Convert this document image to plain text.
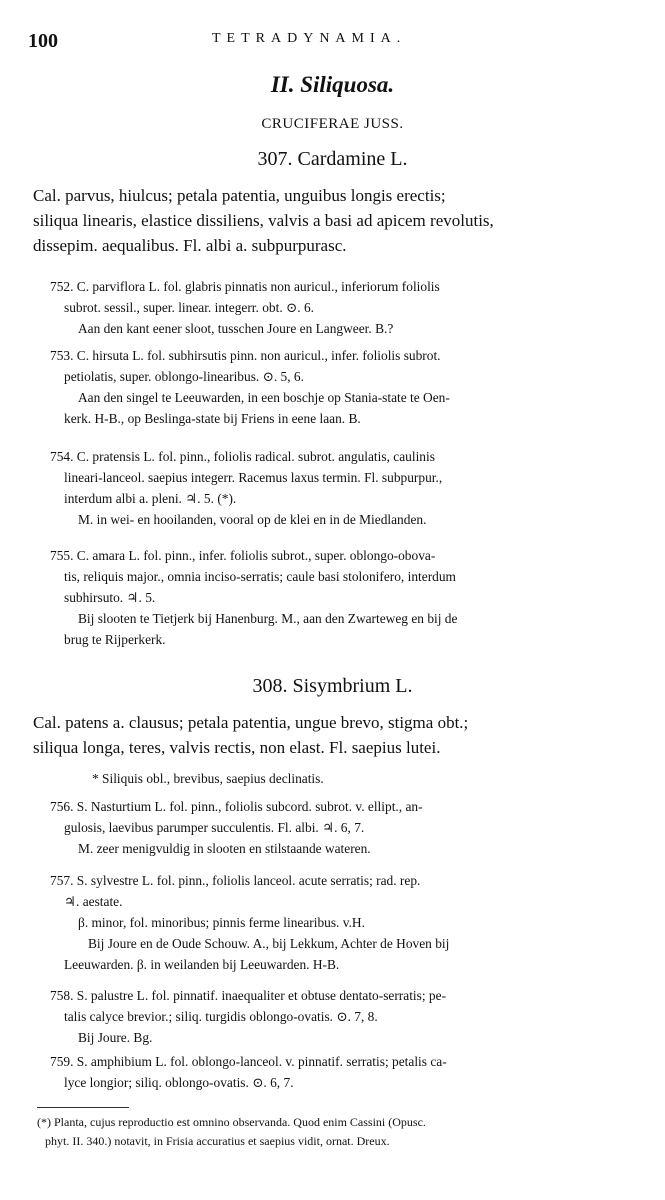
100	TETRADYNAMIA.
II. Siliquosa.
CRUCIFERAE JUSS.
307. Cardamine L.

Cal. parvus, hiulcus; petala patentia, unguibus longis erectis;

siliqua linearis, elastice dissiliens, valvis a basi ad apicem revolutis,

dissepim. aequalibus. Fl. albi a. subpurpurasc.

752. C. parviflora L. fol. glabris pinnatis non auricul., inferiorum foliolis

subrot. sessil., super. linear. integerr. obt. ⊙. 6.

Aan den kant eener sloot, tusschen Joure en Langweer. B.?

753. C. hirsuta L. fol. subhirsutis pinn. non auricul., infer. foliolis subrot.

petiolatis, super. oblongo-linearibus. ⊙. 5, 6.

Aan den singel te Leeuwarden, in een boschje op Stania-state te Oen-

kerk. H-B., op Beslinga-state bij Friens in eene laan. B.

754. C. pratensis L. fol. pinn., foliolis radical. subrot. angulatis, caulinis

lineari-lanceol. saepius integerr. Racemus laxus termin. Fl. subpurpur.,

interdum albi a. pleni. ♃. 5. (*).

M. in wei- en hooilanden, vooral op de klei en in de Miedlanden.

755. C. amara L. fol. pinn., infer. foliolis subrot., super. oblongo-obova-

tis, reliquis major., omnia inciso-serratis; caule basi stolonifero, interdum

subhirsuto. ♃. 5.

Bij slooten te Tietjerk bij Hanenburg. M., aan den Zwarteweg en bij de

brug te Rijperkerk.

308. Sisymbrium L.

Cal. patens a. clausus; petala patentia, ungue brevo, stigma obt.;

siliqua longa, teres, valvis rectis, non elast. Fl. saepius lutei.

* Siliquis obl., brevibus, saepius declinatis.

756. S. Nasturtium L. fol. pinn., foliolis subcord. subrot. v. ellipt., an-

gulosis, laevibus parumper succulentis. Fl. albi. ♃. 6, 7.

M. zeer menigvuldig in slooten en stilstaande wateren.

757. S. sylvestre L. fol. pinn., foliolis lanceol. acute serratis; rad. rep.

♃. aestate.

β. minor, fol. minoribus; pinnis ferme linearibus. v.H.

Bij Joure en de Oude Schouw. A., bij Lekkum, Achter de Hoven bij

Leeuwarden. β. in weilanden bij Leeuwarden. H-B.

758. S. palustre L. fol. pinnatif. inaequaliter et obtuse dentato-serratis; pe-

talis calyce brevior.; siliq. turgidis oblongo-ovatis. ⊙. 7, 8.

Bij Joure. Bg.

759. S. amphibium L. fol. oblongo-lanceol. v. pinnatif. serratis; petalis ca-

lyce longior; siliq. oblongo-ovatis. ⊙. 6, 7.

(*) Planta, cujus reproductio est omnino observanda. Quod enim Cassini (Opusc.

phyt. II. 340.) notavit, in Frisia accuratius et saepius vidit, ornat. Dreux.
